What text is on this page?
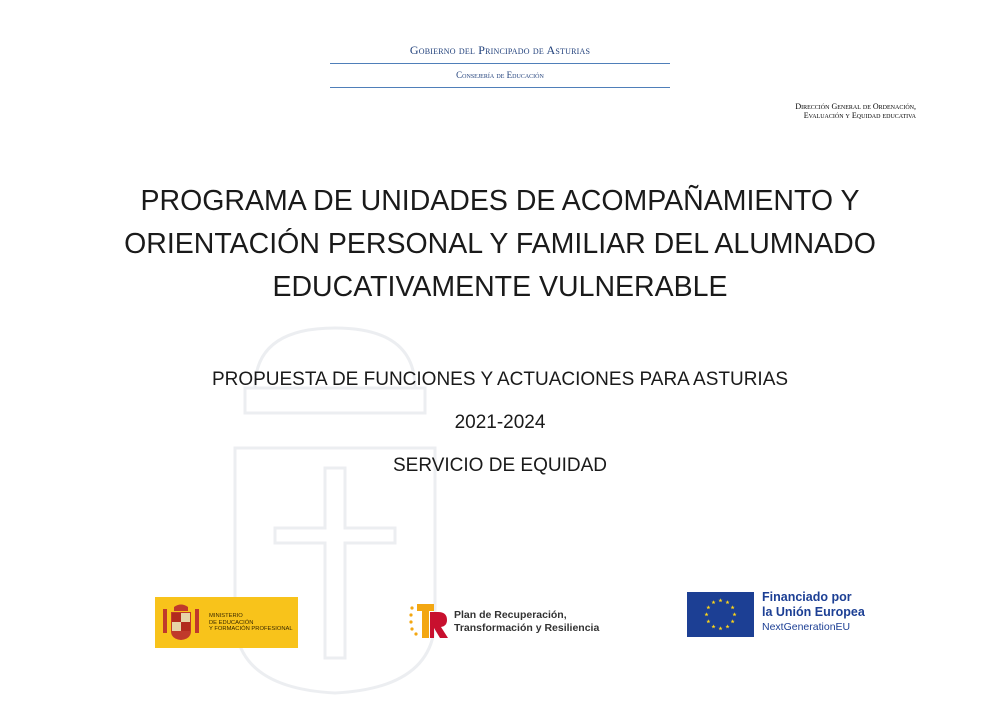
Gobierno del Principado de Asturias
Consejería de Educación
Dirección General de Ordenación,
Evaluación y Equidad educativa
PROGRAMA DE UNIDADES DE ACOMPAÑAMIENTO Y
ORIENTACIÓN PERSONAL Y FAMILIAR DEL ALUMNADO
EDUCATIVAMENTE VULNERABLE
PROPUESTA DE FUNCIONES Y ACTUACIONES PARA ASTURIAS
2021-2024
SERVICIO DE EQUIDAD
MINISTERIO
DE EDUCACIÓN
Y FORMACIÓN PROFESIONAL
Plan de Recuperación,
Transformación y Resiliencia
Financiado por
la Unión Europea
NextGenerationEU
